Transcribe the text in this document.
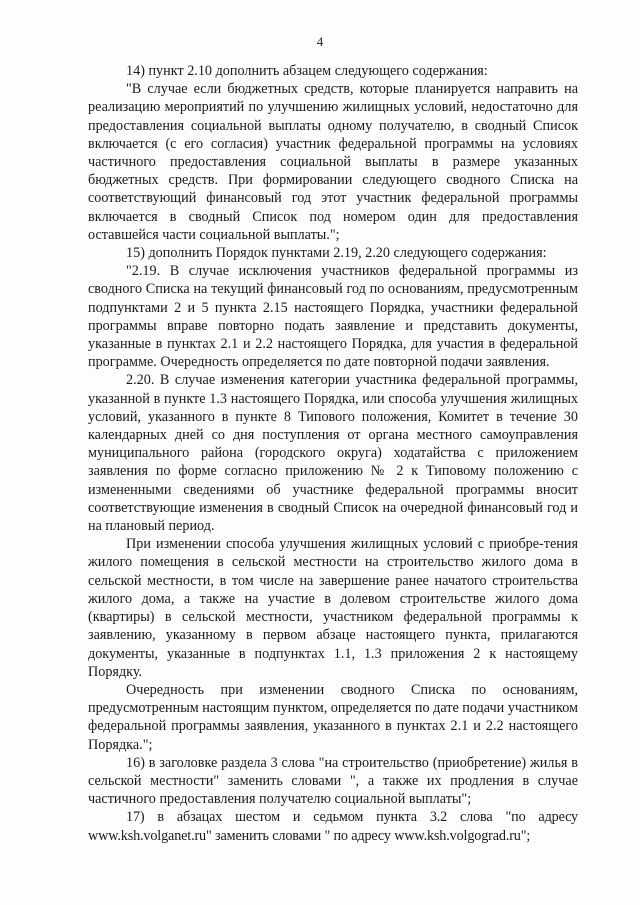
4

14) пункт 2.10 дополнить абзацем следующего содержания:

"В случае если бюджетных средств, которые планируется направить на реализацию мероприятий по улучшению жилищных условий, недостаточно для предоставления социальной выплаты одному получателю, в сводный Список включается (с его согласия) участник федеральной программы на условиях частичного предоставления социальной выплаты в размере указанных бюджетных средств. При формировании следующего сводного Списка на соответствующий финансовый год этот участник федеральной программы включается в сводный Список под номером один для предоставления оставшейся части социальной выплаты.";

15) дополнить Порядок пунктами 2.19, 2.20 следующего содержания:

"2.19. В случае исключения участников федеральной программы из сводного Списка на текущий финансовый год по основаниям, предусмотренным подпунктами 2 и 5 пункта 2.15 настоящего Порядка, участники федеральной программы вправе повторно подать заявление и представить документы, указанные в пунктах 2.1 и 2.2 настоящего Порядка, для участия в федеральной программе. Очередность определяется по дате повторной подачи заявления.

2.20. В случае изменения категории участника федеральной программы, указанной в пункте 1.3 настоящего Порядка, или способа улучшения жилищных условий, указанного в пункте 8 Типового положения, Комитет в течение 30 календарных дней со дня поступления от органа местного самоуправления муниципального района (городского округа) ходатайства с приложением заявления по форме согласно приложению № 2 к Типовому положению с измененными сведениями об участнике федеральной программы вносит соответствующие изменения в сводный Список на очередной финансовый год и на плановый период.

При изменении способа улучшения жилищных условий с приобре-тения жилого помещения в сельской местности на строительство жилого дома в сельской местности, в том числе на завершение ранее начатого строительства жилого дома, а также на участие в долевом строительстве жилого дома (квартиры) в сельской местности, участником федеральной программы к заявлению, указанному в первом абзаце настоящего пункта, прилагаются документы, указанные в подпунктах 1.1, 1.3 приложения 2 к настоящему Порядку.

Очередность при изменении сводного Списка по основаниям, предусмотренным настоящим пунктом, определяется по дате подачи участником федеральной программы заявления, указанного в пунктах 2.1 и 2.2 настоящего Порядка.";

16) в заголовке раздела 3 слова "на строительство (приобретение) жилья в сельской местности" заменить словами ", а также их продления в случае частичного предоставления получателю социальной выплаты";

17) в абзацах шестом и седьмом пункта 3.2 слова "по адресу www.ksh.volganet.ru" заменить словами " по адресу www.ksh.volgograd.ru";
